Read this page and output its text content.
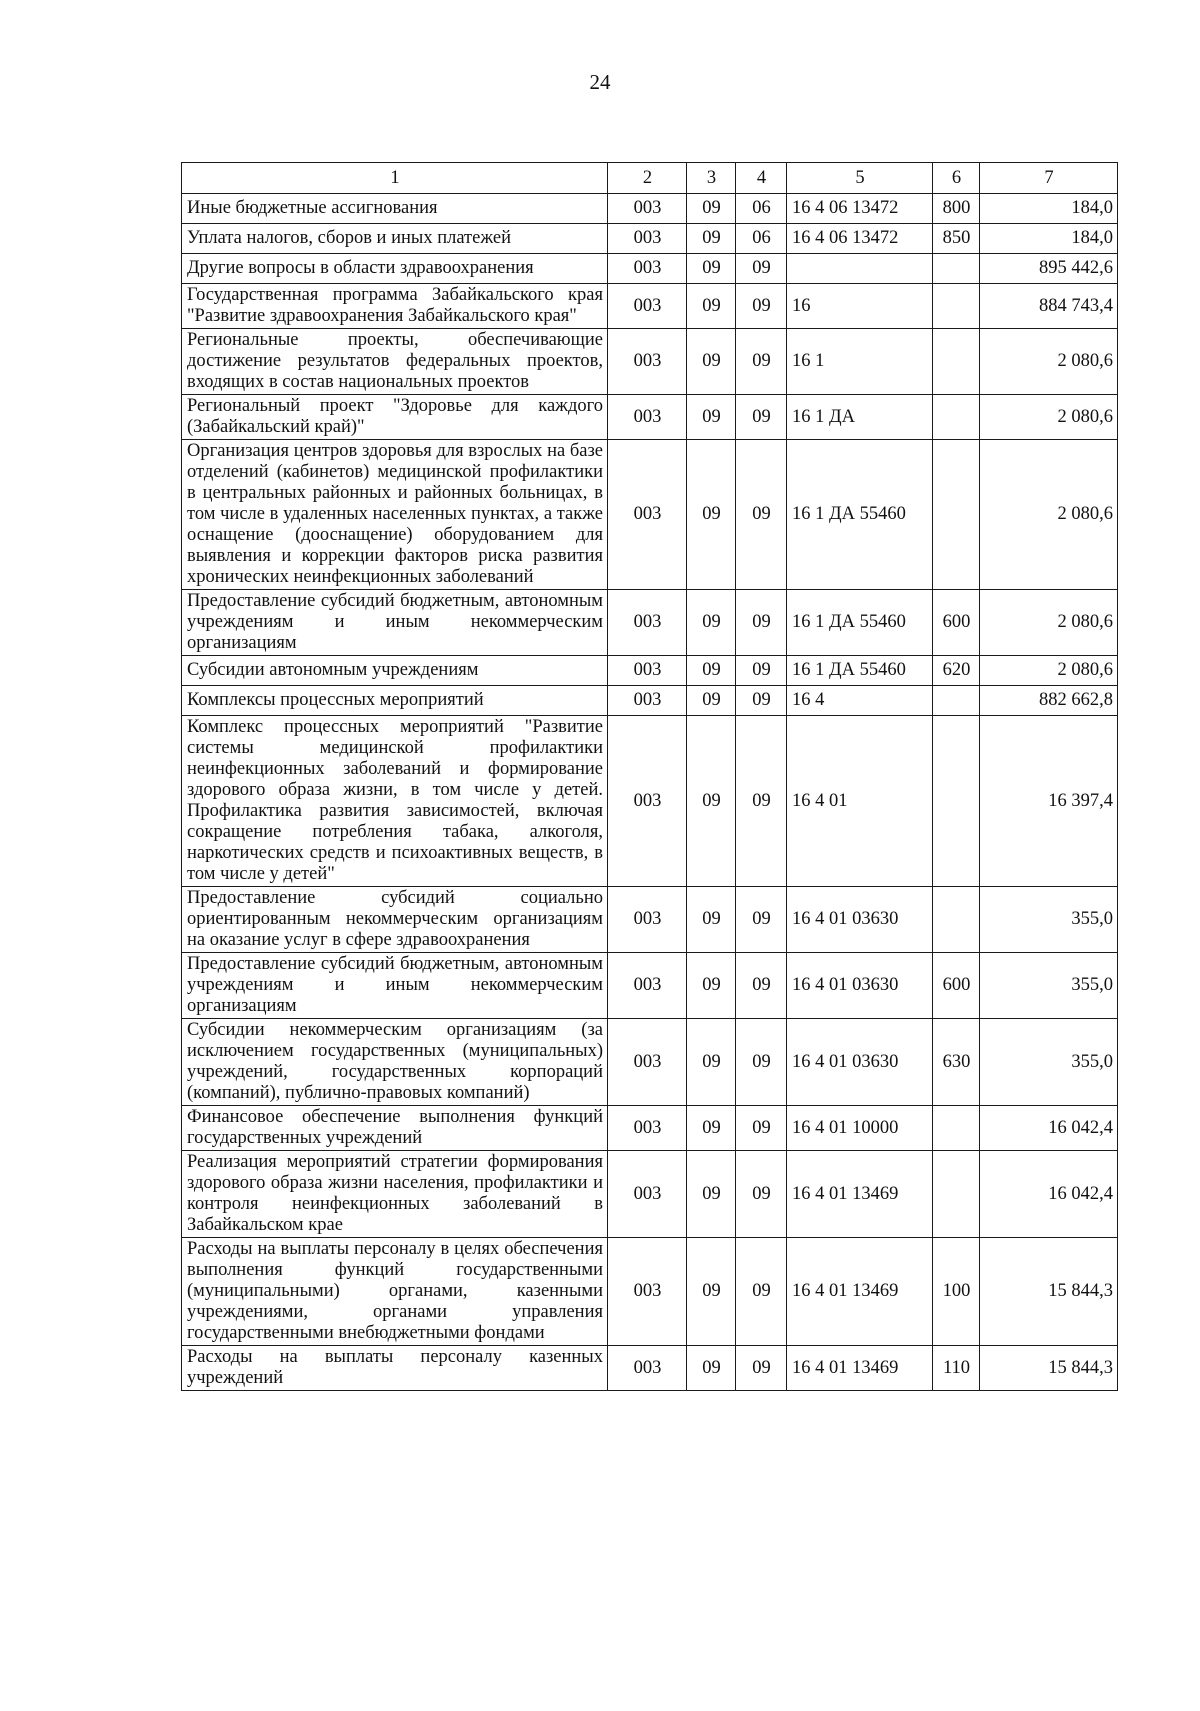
24
1	2	3	4	5	6	7
Иные бюджетные ассигнования	003	09	06	16 4 06 13472	800	184,0
Уплата налогов, сборов и иных платежей	003	09	06	16 4 06 13472	850	184,0
Другие вопросы в области здравоохранения	003	09	09			895 442,6
Государственная программа Забайкальского края "Развитие здравоохранения Забайкальского края"	003	09	09	16		884 743,4
Региональные проекты, обеспечивающие достижение результатов федеральных проектов, входящих в состав национальных проектов	003	09	09	16 1		2 080,6
Региональный проект "Здоровье для каждого (Забайкальский край)"	003	09	09	16 1 ДА		2 080,6
Организация центров здоровья для взрослых на базе отделений (кабинетов) медицинской профилактики в центральных районных и районных больницах, в том числе в удаленных населенных пунктах, а также оснащение (дооснащение) оборудованием для выявления и коррекции факторов риска развития хронических неинфекционных заболеваний	003	09	09	16 1 ДА 55460		2 080,6
Предоставление субсидий бюджетным, автономным учреждениям и иным некоммерческим организациям	003	09	09	16 1 ДА 55460	600	2 080,6
Субсидии автономным учреждениям	003	09	09	16 1 ДА 55460	620	2 080,6
Комплексы процессных мероприятий	003	09	09	16 4		882 662,8
Комплекс процессных мероприятий "Развитие системы медицинской профилактики неинфекционных заболеваний и формирование здорового образа жизни, в том числе у детей. Профилактика развития зависимостей, включая сокращение потребления табака, алкоголя, наркотических средств и психоактивных веществ, в том числе у детей"	003	09	09	16 4 01		16 397,4
Предоставление субсидий социально ориентированным некоммерческим организациям на оказание услуг в сфере здравоохранения	003	09	09	16 4 01 03630		355,0
Предоставление субсидий бюджетным, автономным учреждениям и иным некоммерческим организациям	003	09	09	16 4 01 03630	600	355,0
Субсидии некоммерческим организациям (за исключением государственных (муниципальных) учреждений, государственных корпораций (компаний), публично-правовых компаний)	003	09	09	16 4 01 03630	630	355,0
Финансовое обеспечение выполнения функций государственных учреждений	003	09	09	16 4 01 10000		16 042,4
Реализация мероприятий стратегии формирования здорового образа жизни населения, профилактики и контроля неинфекционных заболеваний в Забайкальском крае	003	09	09	16 4 01 13469		16 042,4
Расходы на выплаты персоналу в целях обеспечения выполнения функций государственными (муниципальными) органами, казенными учреждениями, органами управления государственными внебюджетными фондами	003	09	09	16 4 01 13469	100	15 844,3
Расходы на выплаты персоналу казенных учреждений	003	09	09	16 4 01 13469	110	15 844,3
